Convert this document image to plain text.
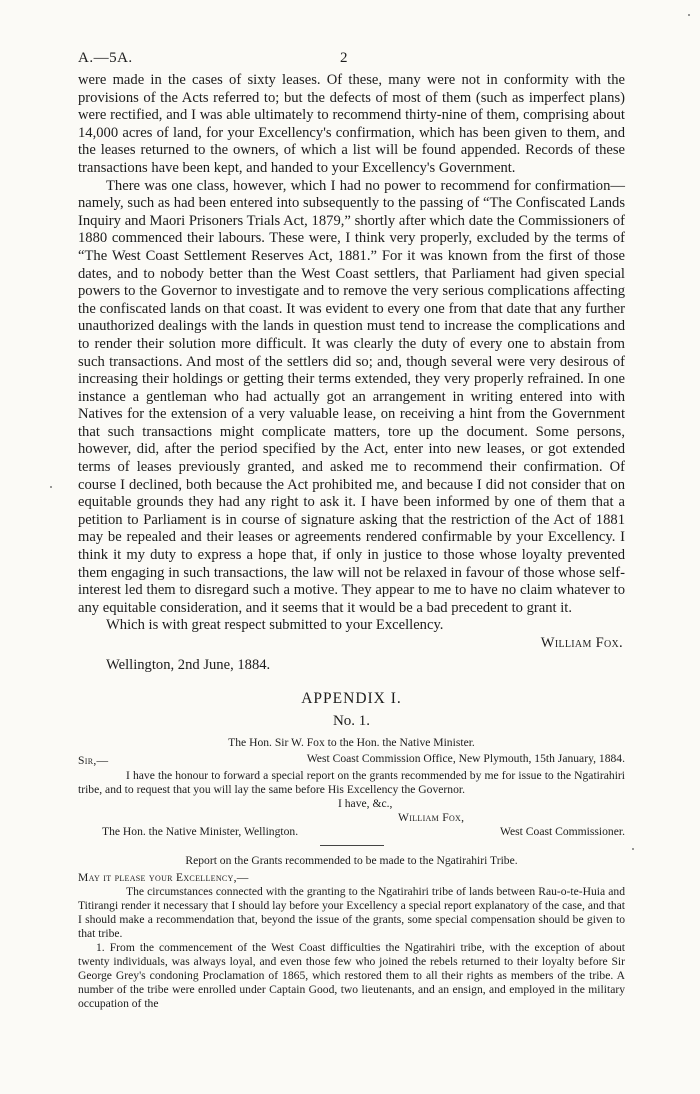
A.—5A.	2

were made in the cases of sixty leases. Of these, many were not in conformity with the provisions of the Acts referred to; but the defects of most of them (such as imperfect plans) were rectified, and I was able ultimately to recommend thirty-nine of them, comprising about 14,000 acres of land, for your Excellency's confirmation, which has been given to them, and the leases returned to the owners, of which a list will be found appended. Records of these transactions have been kept, and handed to your Excellency's Government.

There was one class, however, which I had no power to recommend for confirmation—namely, such as had been entered into subsequently to the passing of “The Confiscated Lands Inquiry and Maori Prisoners Trials Act, 1879,” shortly after which date the Commissioners of 1880 commenced their labours. These were, I think very properly, excluded by the terms of “The West Coast Settlement Reserves Act, 1881.” For it was known from the first of those dates, and to nobody better than the West Coast settlers, that Parliament had given special powers to the Governor to investigate and to remove the very serious complications affecting the confiscated lands on that coast. It was evident to every one from that date that any further unauthorized dealings with the lands in question must tend to increase the complications and to render their solution more difficult. It was clearly the duty of every one to abstain from such transactions. And most of the settlers did so; and, though several were very desirous of increasing their holdings or getting their terms extended, they very properly refrained. In one instance a gentleman who had actually got an arrangement in writing entered into with Natives for the extension of a very valuable lease, on receiving a hint from the Government that such transactions might complicate matters, tore up the document. Some persons, however, did, after the period specified by the Act, enter into new leases, or got extended terms of leases previously granted, and asked me to recommend their confirmation. Of course I declined, both because the Act prohibited me, and because I did not consider that on equitable grounds they had any right to ask it. I have been informed by one of them that a petition to Parliament is in course of signature asking that the restriction of the Act of 1881 may be repealed and their leases or agreements rendered confirmable by your Excellency. I think it my duty to express a hope that, if only in justice to those whose loyalty prevented them engaging in such transactions, the law will not be relaxed in favour of those whose self-interest led them to disregard such a motive. They appear to me to have no claim whatever to any equitable consideration, and it seems that it would be a bad precedent to grant it.

Which is with great respect submitted to your Excellency.

William Fox.

Wellington, 2nd June, 1884.

APPENDIX I.
No. 1.
The Hon. Sir W. Fox to the Hon. the Native Minister.
Sir,—	West Coast Commission Office, New Plymouth, 15th January, 1884.

I have the honour to forward a special report on the grants recommended by me for issue to the Ngatirahiri tribe, and to request that you will lay the same before His Excellency the Governor.

I have, &c.,

William Fox,

The Hon. the Native Minister, Wellington.	West Coast Commissioner.
Report on the Grants recommended to be made to the Ngatirahiri Tribe.
May it please your Excellency,—

The circumstances connected with the granting to the Ngatirahiri tribe of lands between Rau-o-te-Huia and Titirangi render it necessary that I should lay before your Excellency a special report explanatory of the case, and that I should make a recommendation that, beyond the issue of the grants, some special compensation should be given to that tribe.

1. From the commencement of the West Coast difficulties the Ngatirahiri tribe, with the exception of about twenty individuals, was always loyal, and even those few who joined the rebels returned to their loyalty before Sir George Grey's condoning Proclamation of 1865, which restored them to all their rights as members of the tribe. A number of the tribe were enrolled under Captain Good, two lieutenants, and an ensign, and employed in the military occupation of the
